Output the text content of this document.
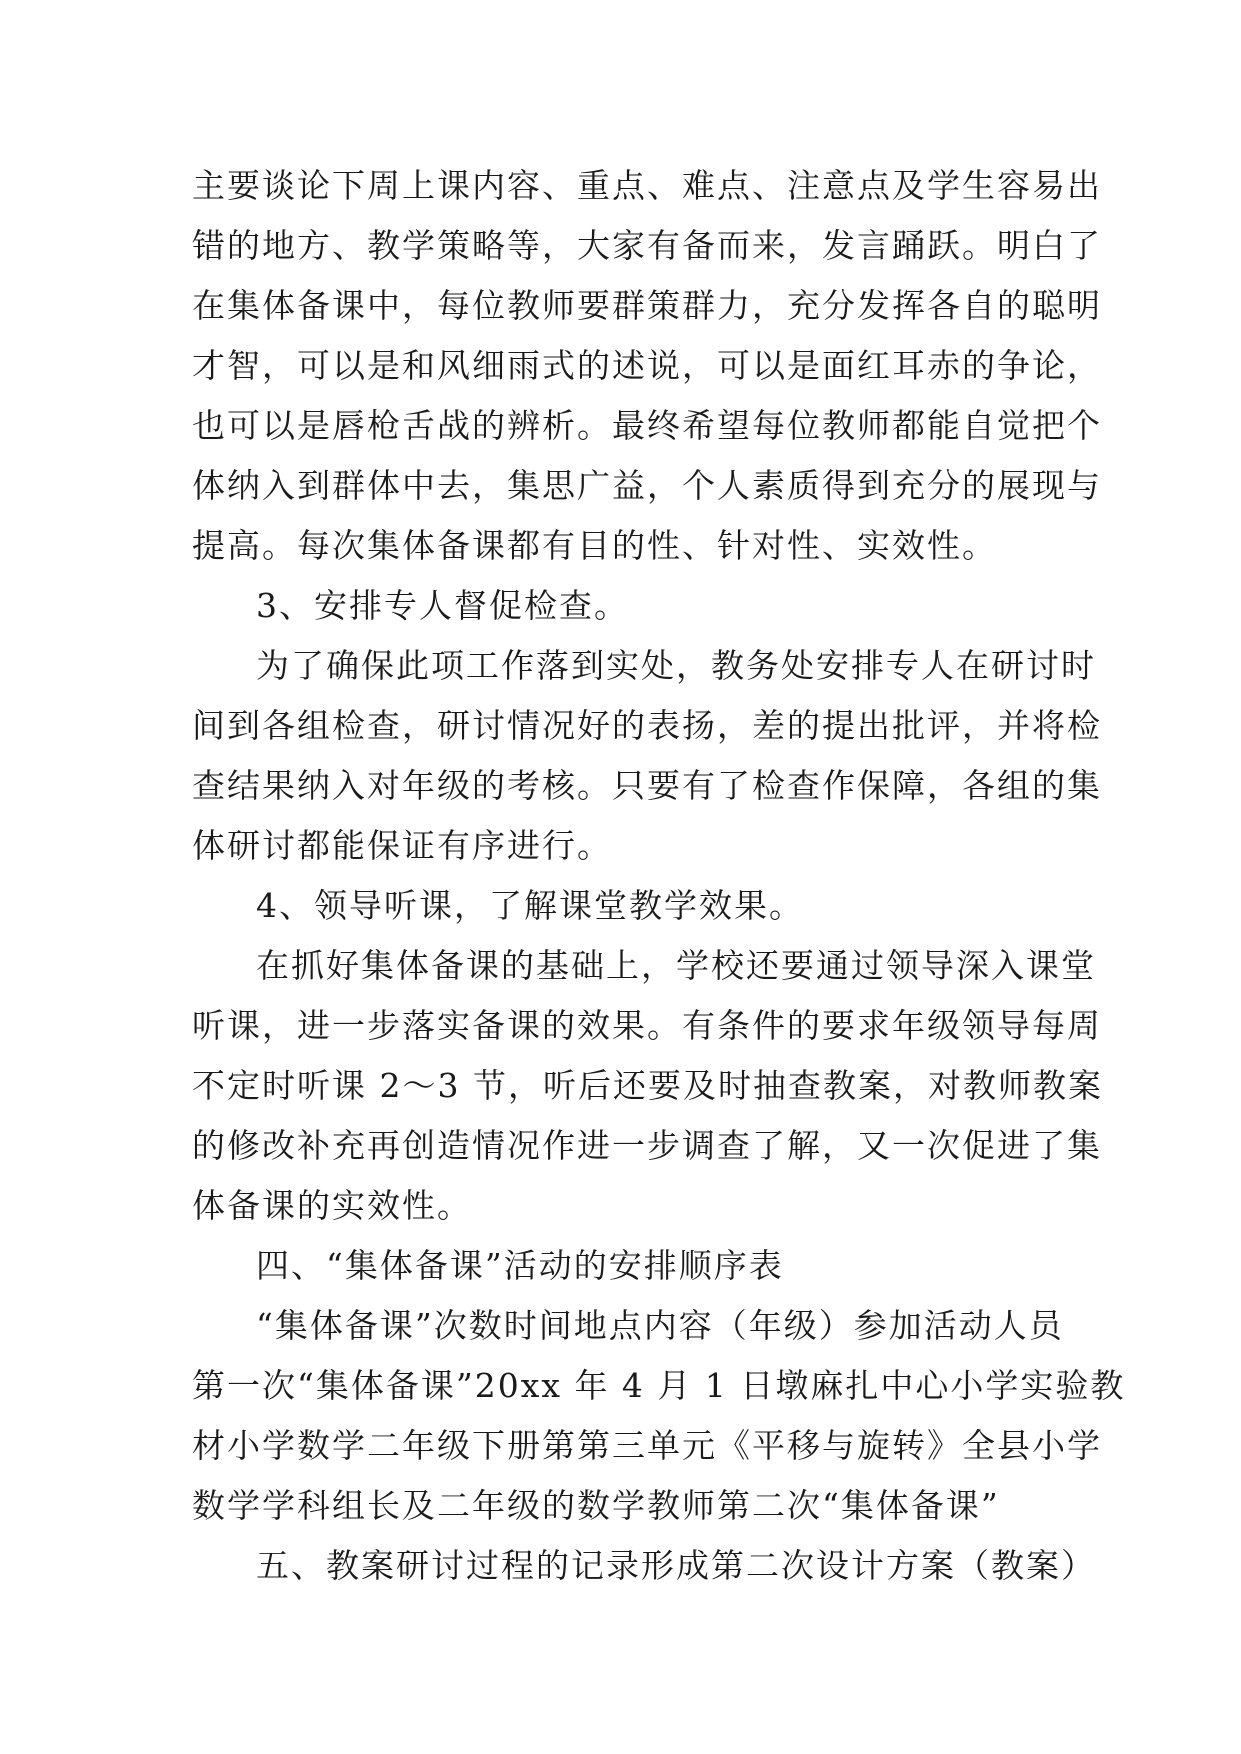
主要谈论下周上课内容、重点、难点、注意点及学生容易出
错的地方、教学策略等，大家有备而来，发言踊跃。明白了
在集体备课中，每位教师要群策群力，充分发挥各自的聪明
才智，可以是和风细雨式的述说，可以是面红耳赤的争论，
也可以是唇枪舌战的辨析。最终希望每位教师都能自觉把个
体纳入到群体中去，集思广益，个人素质得到充分的展现与
提高。每次集体备课都有目的性、针对性、实效性。
3、安排专人督促检查。
为了确保此项工作落到实处，教务处安排专人在研讨时
间到各组检查，研讨情况好的表扬，差的提出批评，并将检
查结果纳入对年级的考核。只要有了检查作保障，各组的集
体研讨都能保证有序进行。
4、领导听课，了解课堂教学效果。
在抓好集体备课的基础上，学校还要通过领导深入课堂
听课，进一步落实备课的效果。有条件的要求年级领导每周
不定时听课 2～3 节，听后还要及时抽查教案，对教师教案
的修改补充再创造情况作进一步调查了解，又一次促进了集
体备课的实效性。
四、“集体备课”活动的安排顺序表
“集体备课”次数时间地点内容（年级）参加活动人员
第一次“集体备课”20xx 年 4 月 1 日墩麻扎中心小学实验教
材小学数学二年级下册第第三单元《平移与旋转》全县小学
数学学科组长及二年级的数学教师第二次“集体备课”
五、教案研讨过程的记录形成第二次设计方案（教案）
